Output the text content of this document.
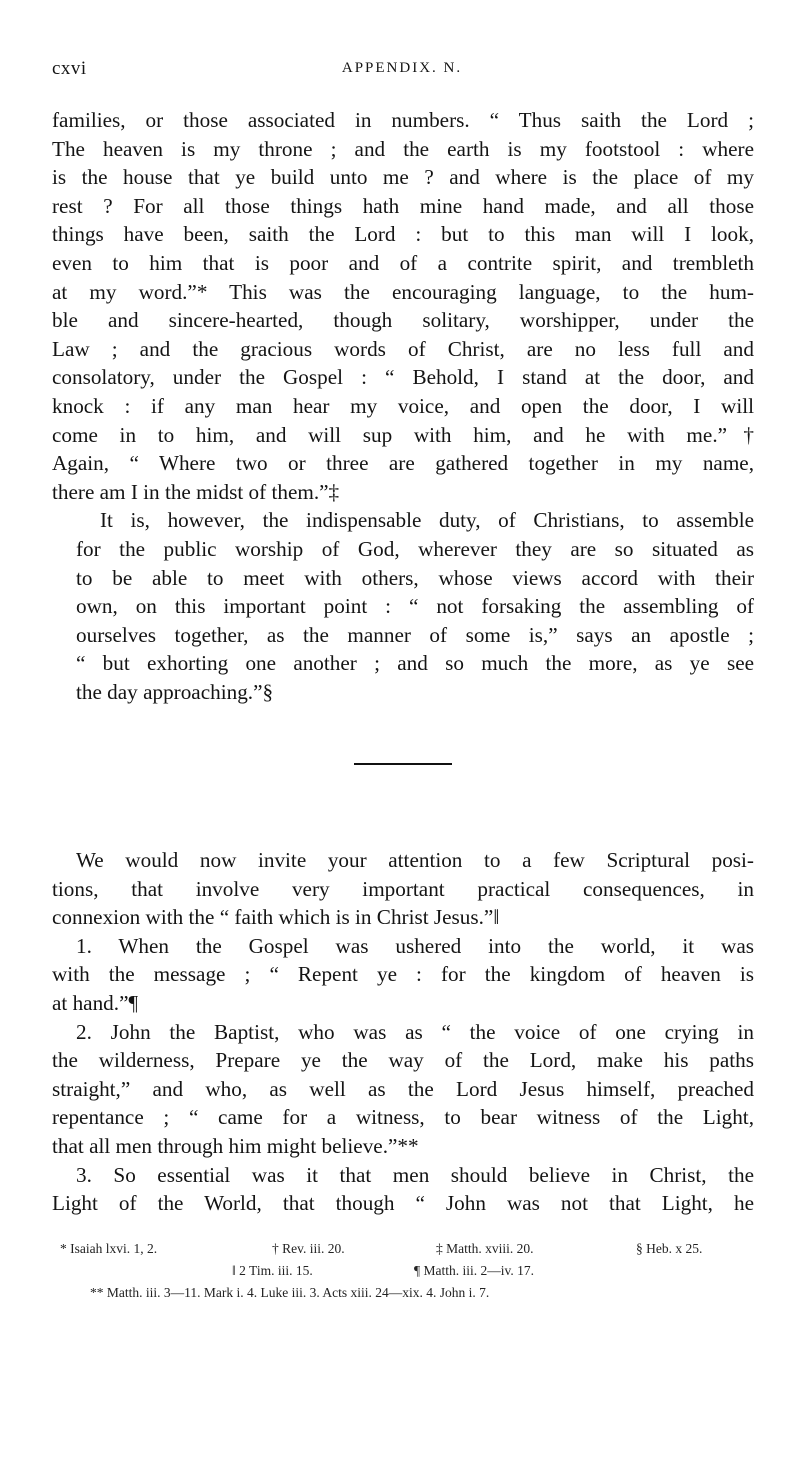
cxvi	APPENDIX. N.

families, or those associated in numbers. “ Thus saith the Lord ;
The heaven is my throne ; and the earth is my footstool : where
is the house that ye build unto me ? and where is the place of my
rest ? For all those things hath mine hand made, and all those
things have been, saith the Lord : but to this man will I look,
even to him that is poor and of a contrite spirit, and trembleth
at my word.”* This was the encouraging language, to the hum-
ble and sincere-hearted, though solitary, worshipper, under the
Law ; and the gracious words of Christ, are no less full and
consolatory, under the Gospel : “ Behold, I stand at the door, and
knock : if any man hear my voice, and open the door, I will
come in to him, and will sup with him, and he with me.”†
Again, “ Where two or three are gathered together in my name,
there am I in the midst of them.”‡

It is, however, the indispensable duty, of Christians, to assemble
for the public worship of God, wherever they are so situated as
to be able to meet with others, whose views accord with their
own, on this important point : “ not forsaking the assembling of
ourselves together, as the manner of some is,” says an apostle ;
“ but exhorting one another ; and so much the more, as ye see
the day approaching.”§

We would now invite your attention to a few Scriptural posi-
tions, that involve very important practical consequences, in
connexion with the “ faith which is in Christ Jesus.”‖

1. When the Gospel was ushered into the world, it was
with the message ; “ Repent ye : for the kingdom of heaven is
at hand.”¶

2. John the Baptist, who was as “ the voice of one crying in
the wilderness, Prepare ye the way of the Lord, make his paths
straight,” and who, as well as the Lord Jesus himself, preached
repentance ; “ came for a witness, to bear witness of the Light,
that all men through him might believe.”**

3. So essential was it that men should believe in Christ, the
Light of the World, that though “ John was not that Light, he

* Isaiah lxvi. 1, 2.	† Rev. iii. 20.	‡ Matth. xviii. 20.	§ Heb. x 25.
‖ 2 Tim. iii. 15.	¶ Matth. iii. 2—iv. 17.
** Matth. iii. 3—11. Mark i. 4. Luke iii. 3. Acts xiii. 24—xix. 4. John i. 7.
